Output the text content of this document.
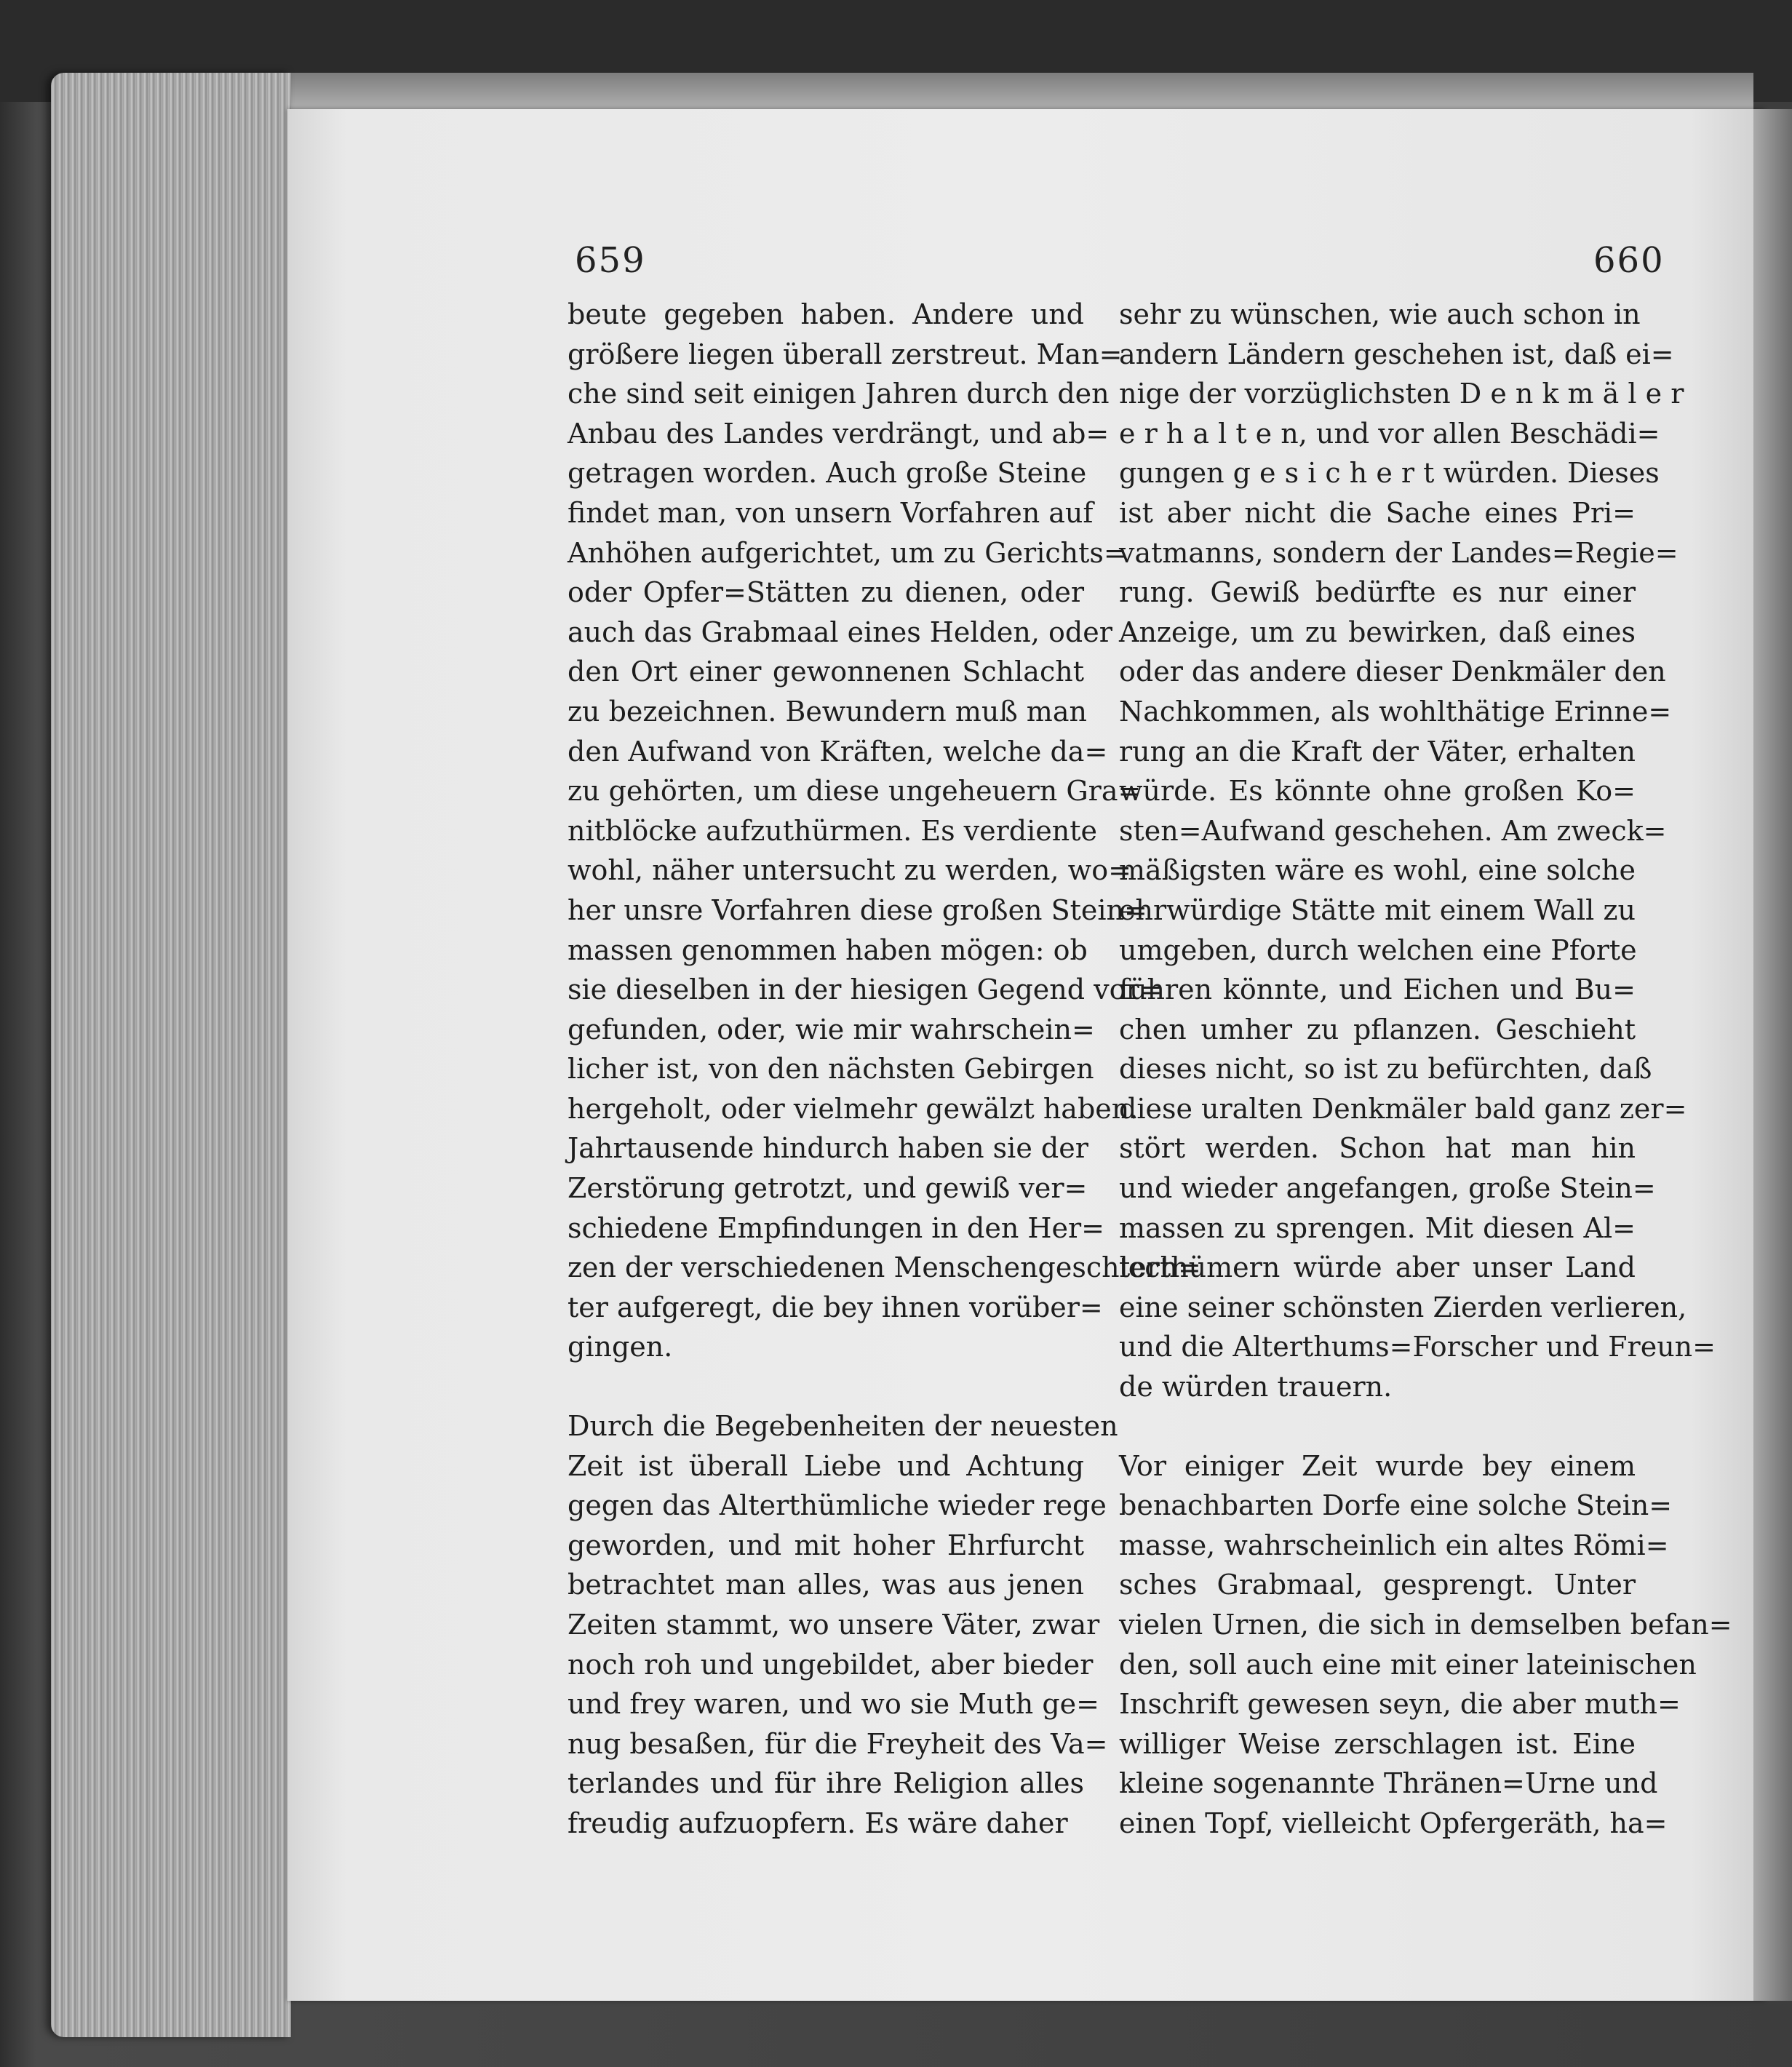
659	660
beute gegeben haben. Andere und
größere liegen überall zerstreut. Man=
che sind seit einigen Jahren durch den
Anbau des Landes verdrängt, und ab=
getragen worden. Auch große Steine
findet man, von unsern Vorfahren auf
Anhöhen aufgerichtet, um zu Gerichts=
oder Opfer=Stätten zu dienen, oder
auch das Grabmaal eines Helden, oder
den Ort einer gewonnenen Schlacht
zu bezeichnen. Bewundern muß man
den Aufwand von Kräften, welche da=
zu gehörten, um diese ungeheuern Gra=
nitblöcke aufzuthürmen. Es verdiente
wohl, näher untersucht zu werden, wo=
her unsre Vorfahren diese großen Stein=
massen genommen haben mögen: ob
sie dieselben in der hiesigen Gegend vor=
gefunden, oder, wie mir wahrschein=
licher ist, von den nächsten Gebirgen
hergeholt, oder vielmehr gewälzt haben.
Jahrtausende hindurch haben sie der
Zerstörung getrotzt, und gewiß ver=
schiedene Empfindungen in den Her=
zen der verschiedenen Menschengeschlech=
ter aufgeregt, die bey ihnen vorüber=
gingen.
Durch die Begebenheiten der neuesten
Zeit ist überall Liebe und Achtung
gegen das Alterthümliche wieder rege
geworden, und mit hoher Ehrfurcht
betrachtet man alles, was aus jenen
Zeiten stammt, wo unsere Väter, zwar
noch roh und ungebildet, aber bieder
und frey waren, und wo sie Muth ge=
nug besaßen, für die Freyheit des Va=
terlandes und für ihre Religion alles
freudig aufzuopfern. Es wäre daher
sehr zu wünschen, wie auch schon in
andern Ländern geschehen ist, daß ei=
nige der vorzüglichsten D e n k m ä l e r
e r h a l t e n, und vor allen Beschädi=
gungen g e s i c h e r t würden. Dieses
ist aber nicht die Sache eines Pri=
vatmanns, sondern der Landes=Regie=
rung. Gewiß bedürfte es nur einer
Anzeige, um zu bewirken, daß eines
oder das andere dieser Denkmäler den
Nachkommen, als wohlthätige Erinne=
rung an die Kraft der Väter, erhalten
würde. Es könnte ohne großen Ko=
sten=Aufwand geschehen. Am zweck=
mäßigsten wäre es wohl, eine solche
ehrwürdige Stätte mit einem Wall zu
umgeben, durch welchen eine Pforte
führen könnte, und Eichen und Bu=
chen umher zu pflanzen. Geschieht
dieses nicht, so ist zu befürchten, daß
diese uralten Denkmäler bald ganz zer=
stört werden. Schon hat man hin
und wieder angefangen, große Stein=
massen zu sprengen. Mit diesen Al=
terthümern würde aber unser Land
eine seiner schönsten Zierden verlieren,
und die Alterthums=Forscher und Freun=
de würden trauern.
Vor einiger Zeit wurde bey einem
benachbarten Dorfe eine solche Stein=
masse, wahrscheinlich ein altes Römi=
sches Grabmaal, gesprengt. Unter
vielen Urnen, die sich in demselben befan=
den, soll auch eine mit einer lateinischen
Inschrift gewesen seyn, die aber muth=
williger Weise zerschlagen ist. Eine
kleine sogenannte Thränen=Urne und
einen Topf, vielleicht Opfergeräth, ha=
